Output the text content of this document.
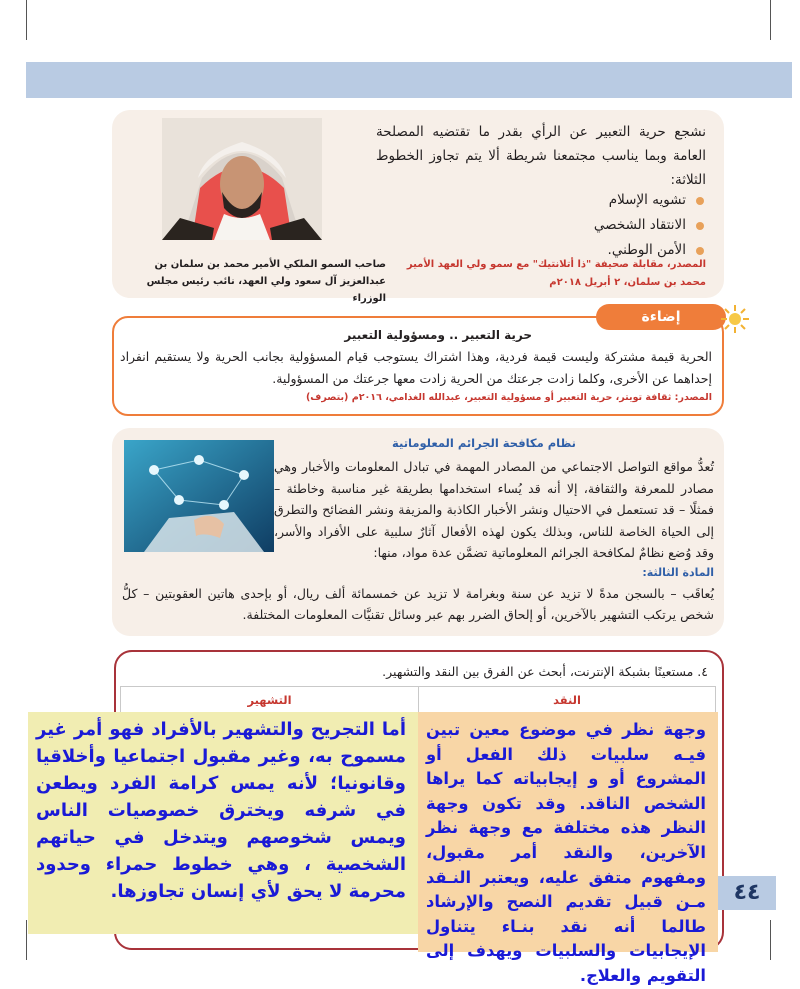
نشجع حرية التعبير عن الرأي بقدر ما تقتضيه المصلحة العامة وبما يناسب مجتمعنا شريطة ألا يتم تجاوز الخطوط الثلاثة:

تشويه الإسلام
الانتقاد الشخصي
الأمن الوطني.

المصدر، مقابلة صحيفة "ذا أتلانتيك" مع سمو ولي العهد الأمير محمد بن سلمان، ٢ أبريل ٢٠١٨م

صاحب السمو الملكي الأمير محمد بن سلمان بن عبدالعزيز آل سعود ولي العهد، نائب رئيس مجلس الوزراء

حرية التعبير .. ومسؤولية التعبير

الحرية قيمة مشتركة وليست قيمة فردية، وهذا اشتراك يستوجب قيام المسؤولية بجانب الحرية ولا يستقيم انفراد إحداهما عن الأخرى، وكلما زادت جرعتك من الحرية زادت معها جرعتك من المسؤولية.

المصدر: ثقافة تويتر، حرية التعبير أو مسؤولية التعبير، عبدالله الغذامي، ٢٠١٦م (بتصرف)

إضاءة

نظام مكافحة الجرائم المعلوماتية

تُعدُّ مواقع التواصل الاجتماعي من المصادر المهمة في تبادل المعلومات والأخبار وهي مصادر للمعرفة والثقافة، إلا أنه قد يُساء استخدامها بطريقة غير مناسبة وخاطئة – فمثلًا – قد تستعمل في الاحتيال ونشر الأخبار الكاذبة والمزيفة ونشر الفضائح والتطرق إلى الحياة الخاصة للناس، وبذلك يكون لهذه الأفعال آثارٌ سلبية على الأفراد والأسر، وقد وُضع نظامٌ لمكافحة الجرائم المعلوماتية تضمَّن عدة مواد، منها:

المادة الثالثة:

يُعاقَب – بالسجن مدةً لا تزيد عن سنة وبغرامة لا تزيد عن خمسمائة ألف ريال، أو بإحدى هاتين العقوبتين – كلُّ شخص يرتكب التشهير بالآخرين، أو إلحاق الضرر بهم عبر وسائل تقنيَّات المعلومات المختلفة.

٤. مستعينًا بشبكة الإنترنت، أبحث عن الفرق بين النقد والتشهير.

النقد
التشهير
أما التجريح والتشهير بالأفراد فهو أمر غير مسموح به، وغير مقبول اجتماعيا وأخلاقيا وقانونيا؛ لأنه يمس كرامة الفرد ويطعن في شرفه ويخترق خصوصيات الناس ويمس شخوصهم ويتدخل في حياتهم الشخصية ، وهي خطوط حمراء وحدود محرمة لا يحق لأي إنسان تجاوزها.
وجهة نظر في موضوع معين تبين فيـه سلبيات ذلك الفعل أو المشروع أو و إيجابياته كما يراها الشخص الناقد. وقد تكون وجهة النظر هذه مختلفة مع وجهة نظر الآخرين، والنقد أمر مقبول، ومفهوم متفق عليه، ويعتبر النـقد مـن قبيل تقديم النصح والإرشاد طالما أنه نقد بنـاء يتناول الإيجابيات والسلبيات ويهدف إلى التقويم والعلاج.
٤٤
